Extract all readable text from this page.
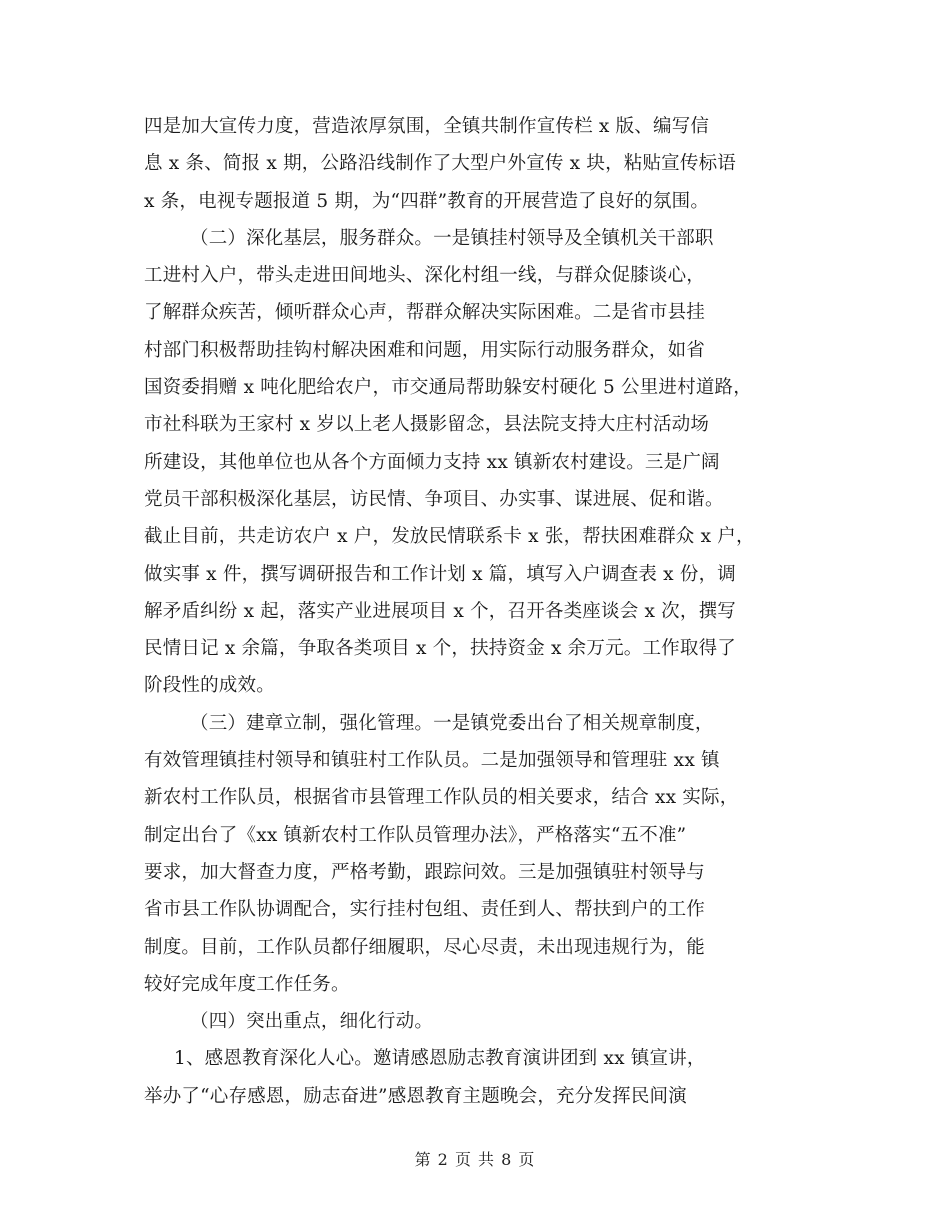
四是加大宣传力度，营造浓厚氛围，全镇共制作宣传栏 x 版、编写信
息 x 条、简报 x 期，公路沿线制作了大型户外宣传 x 块，粘贴宣传标语
x 条，电视专题报道 5 期，为“四群”教育的开展营造了良好的氛围。
（二）深化基层，服务群众。一是镇挂村领导及全镇机关干部职
工进村入户，带头走进田间地头、深化村组一线，与群众促膝谈心，
了解群众疾苦，倾听群众心声，帮群众解决实际困难。二是省市县挂
村部门积极帮助挂钩村解决困难和问题，用实际行动服务群众，如省
国资委捐赠 x 吨化肥给农户，市交通局帮助躲安村硬化 5 公里进村道路，
市社科联为王家村 x 岁以上老人摄影留念，县法院支持大庄村活动场
所建设，其他单位也从各个方面倾力支持 xx 镇新农村建设。三是广阔
党员干部积极深化基层，访民情、争项目、办实事、谋进展、促和谐。
截止目前，共走访农户 x 户，发放民情联系卡 x 张，帮扶困难群众 x 户，
做实事 x 件，撰写调研报告和工作计划 x 篇，填写入户调查表 x 份，调
解矛盾纠纷 x 起，落实产业进展项目 x 个，召开各类座谈会 x 次，撰写
民情日记 x 余篇，争取各类项目 x 个，扶持资金 x 余万元。工作取得了
阶段性的成效。
（三）建章立制，强化管理。一是镇党委出台了相关规章制度，
有效管理镇挂村领导和镇驻村工作队员。二是加强领导和管理驻 xx 镇
新农村工作队员，根据省市县管理工作队员的相关要求，结合 xx 实际，
制定出台了《xx 镇新农村工作队员管理办法》，严格落实“五不准”
要求，加大督查力度，严格考勤，跟踪问效。三是加强镇驻村领导与
省市县工作队协调配合，实行挂村包组、责任到人、帮扶到户的工作
制度。目前，工作队员都仔细履职，尽心尽责，未出现违规行为，能
较好完成年度工作任务。
（四）突出重点，细化行动。
1、感恩教育深化人心。邀请感恩励志教育演讲团到 xx 镇宣讲，
举办了“心存感恩，励志奋进”感恩教育主题晚会，充分发挥民间演
第 2 页 共 8 页
